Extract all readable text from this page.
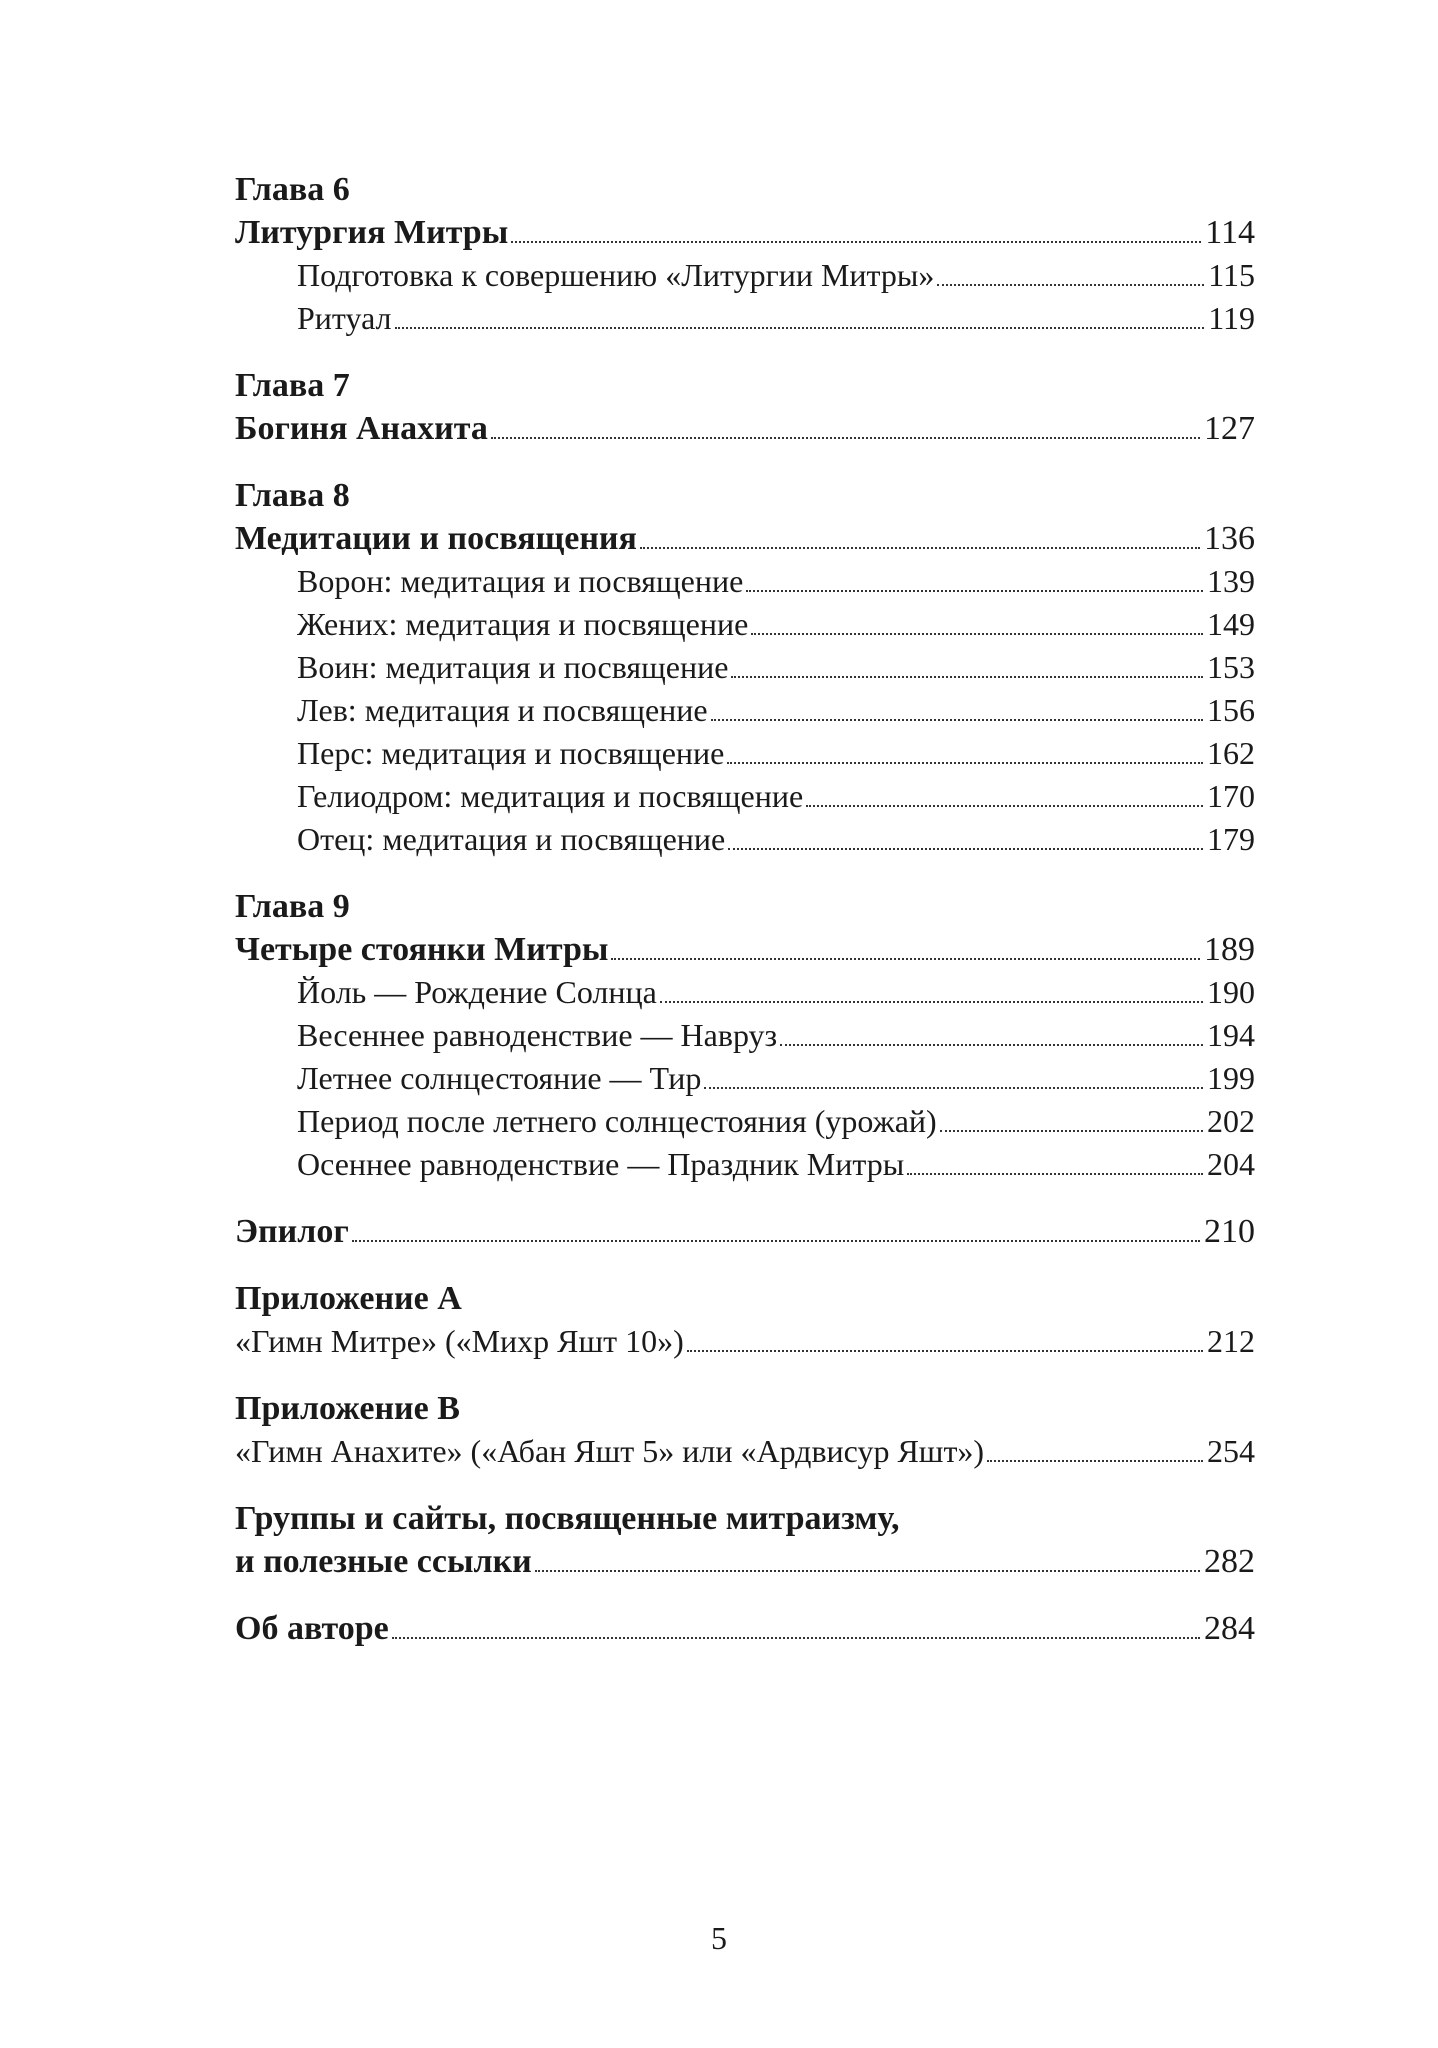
Глава 6
Литургия Митры	114
Подготовка к совершению «Литургии Митры»	115
Ритуал	119
Глава 7
Богиня Анахита	127
Глава 8
Медитации и посвящения	136
Ворон: медитация и посвящение	139
Жених: медитация и посвящение	149
Воин: медитация и посвящение	153
Лев: медитация и посвящение	156
Перс: медитация и посвящение	162
Гелиодром: медитация и посвящение	170
Отец: медитация и посвящение	179
Глава 9
Четыре стоянки Митры	189
Йоль — Рождение Солнца	190
Весеннее равноденствие — Навруз	194
Летнее солнцестояние — Тир	199
Период после летнего солнцестояния (урожай)	202
Осеннее равноденствие — Праздник Митры	204
Эпилог	210
Приложение А
«Гимн Митре» («Михр Яшт 10»)	212
Приложение В
«Гимн Анахите» («Абан Яшт 5» или «Ардвисур Яшт»)	254
Группы и сайты, посвященные митраизму,
и полезные ссылки	282
Об авторе	284
5
